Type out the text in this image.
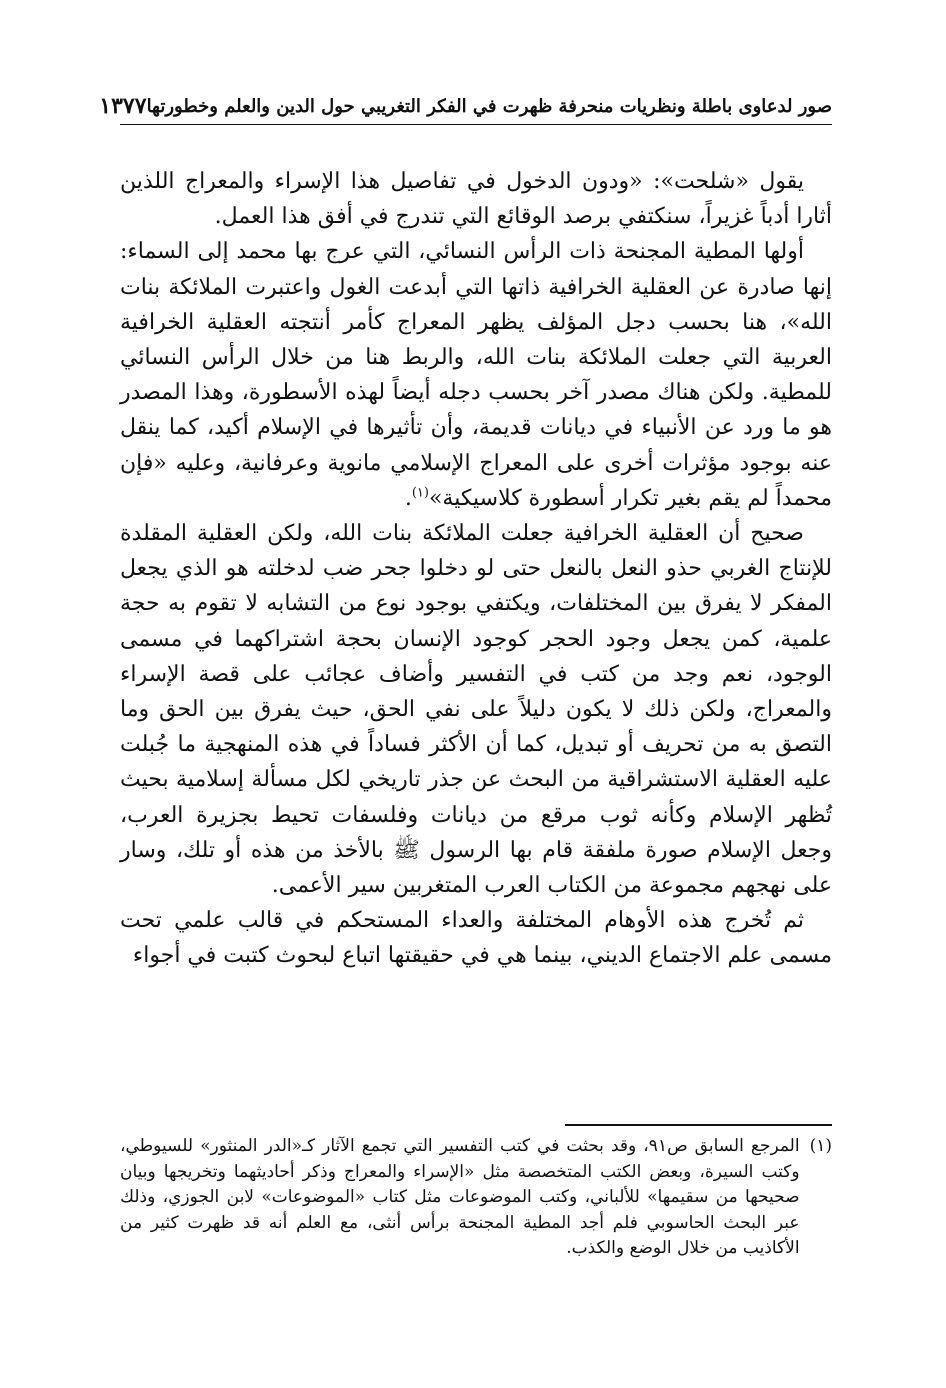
صور لدعاوى باطلة ونظريات منحرفة ظهرت في الفكر التغريبي حول الدين والعلم وخطورتها
١٣٧٧

يقول «شلحت»: «ودون الدخول في تفاصيل هذا الإسراء والمعراج اللذين أثارا أدباً غزيراً، سنكتفي برصد الوقائع التي تندرج في أفق هذا العمل.

أولها المطية المجنحة ذات الرأس النسائي، التي عرج بها محمد إلى السماء: إنها صادرة عن العقلية الخرافية ذاتها التي أبدعت الغول واعتبرت الملائكة بنات الله»، هنا بحسب دجل المؤلف يظهر المعراج كأمر أنتجته العقلية الخرافية العربية التي جعلت الملائكة بنات الله، والربط هنا من خلال الرأس النسائي للمطية. ولكن هناك مصدر آخر بحسب دجله أيضاً لهذه الأسطورة، وهذا المصدر هو ما ورد عن الأنبياء في ديانات قديمة، وأن تأثيرها في الإسلام أكيد، كما ينقل عنه بوجود مؤثرات أخرى على المعراج الإسلامي مانوية وعرفانية، وعليه «فإن محمداً لم يقم بغير تكرار أسطورة كلاسيكية»$^{(١)}$.

صحيح أن العقلية الخرافية جعلت الملائكة بنات الله، ولكن العقلية المقلدة للإنتاج الغربي حذو النعل بالنعل حتى لو دخلوا جحر ضب لدخلته هو الذي يجعل المفكر لا يفرق بين المختلفات، ويكتفي بوجود نوع من التشابه لا تقوم به حجة علمية، كمن يجعل وجود الحجر كوجود الإنسان بحجة اشتراكهما في مسمى الوجود، نعم وجد من كتب في التفسير وأضاف عجائب على قصة الإسراء والمعراج، ولكن ذلك لا يكون دليلاً على نفي الحق، حيث يفرق بين الحق وما التصق به من تحريف أو تبديل، كما أن الأكثر فساداً في هذه المنهجية ما جُبلت عليه العقلية الاستشراقية من البحث عن جذر تاريخي لكل مسألة إسلامية بحيث تُظهر الإسلام وكأنه ثوب مرقع من ديانات وفلسفات تحيط بجزيرة العرب، وجعل الإسلام صورة ملفقة قام بها الرسول ﷺ بالأخذ من هذه أو تلك، وسار على نهجهم مجموعة من الكتاب العرب المتغربين سير الأعمى.

ثم تُخرج هذه الأوهام المختلفة والعداء المستحكم في قالب علمي تحت مسمى علم الاجتماع الديني، بينما هي في حقيقتها اتباع لبحوث كتبت في أجواء

(١)
المرجع السابق ص٩١، وقد بحثت في كتب التفسير التي تجمع الآثار كـ«الدر المنثور» للسيوطي، وكتب السيرة، وبعض الكتب المتخصصة مثل «الإسراء والمعراج وذكر أحاديثهما وتخريجها وبيان صحيحها من سقيمها» للألباني، وكتب الموضوعات مثل كتاب «الموضوعات» لابن الجوزي، وذلك عبر البحث الحاسوبي فلم أجد المطية المجنحة برأس أنثى، مع العلم أنه قد ظهرت كثير من الأكاذيب من خلال الوضع والكذب.
